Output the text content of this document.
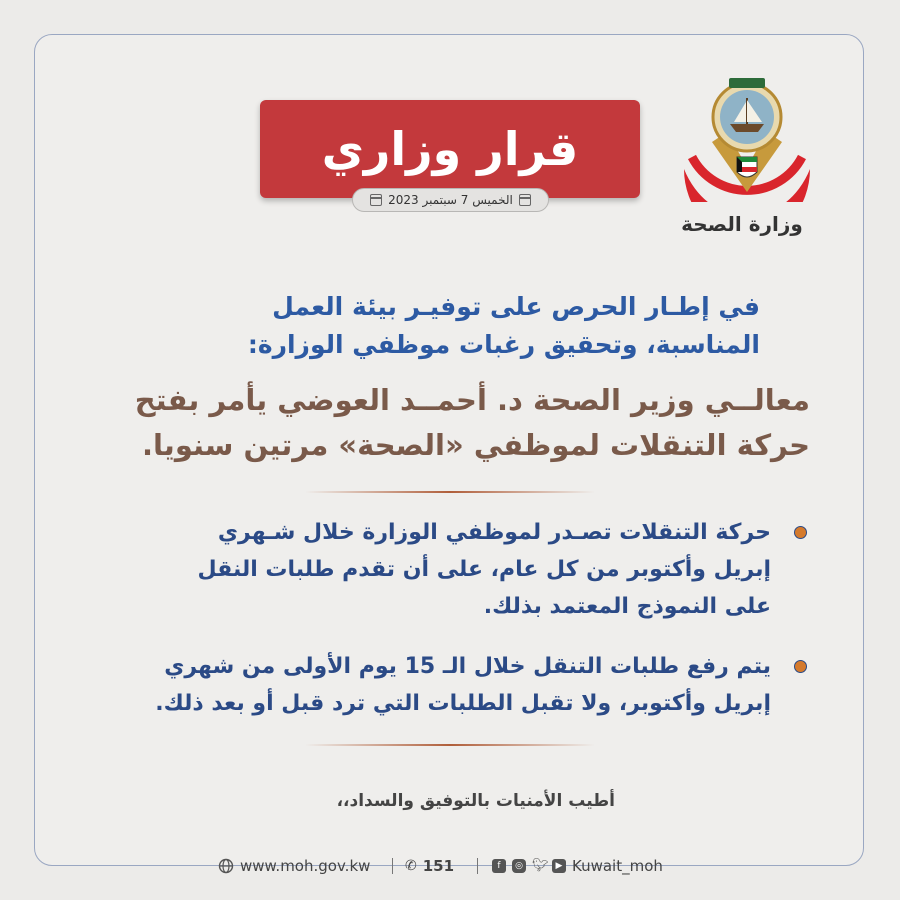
وزارة الصحة
قرار وزاري
الخميس 7 سبتمبر 2023
في إطـار الحرص على توفيـر بيئة العمل
المناسبة، وتحقيق رغبات موظفي الوزارة:
معالــي وزير الصحة د. أحمــد العوضي يأمر بفتح
حركة التنقلات لموظفي «الصحة» مرتين سنويا.
حركة التنقلات تصـدر لموظفي الوزارة خلال شـهري
إبريل وأكتوبر من كل عام، على أن تقدم طلبات النقل
على النموذج المعتمد بذلك.
يتم رفع طلبات التنقل خلال الـ 15 يوم الأولى من شهري
إبريل وأكتوبر، ولا تقبل الطلبات التي ترد قبل أو بعد ذلك.
أطيب الأمنيات بالتوفيق والسداد،،
www.moh.gov.kw ✆ 151	f	◎ 🐦︎ ▶ Kuwait_moh
